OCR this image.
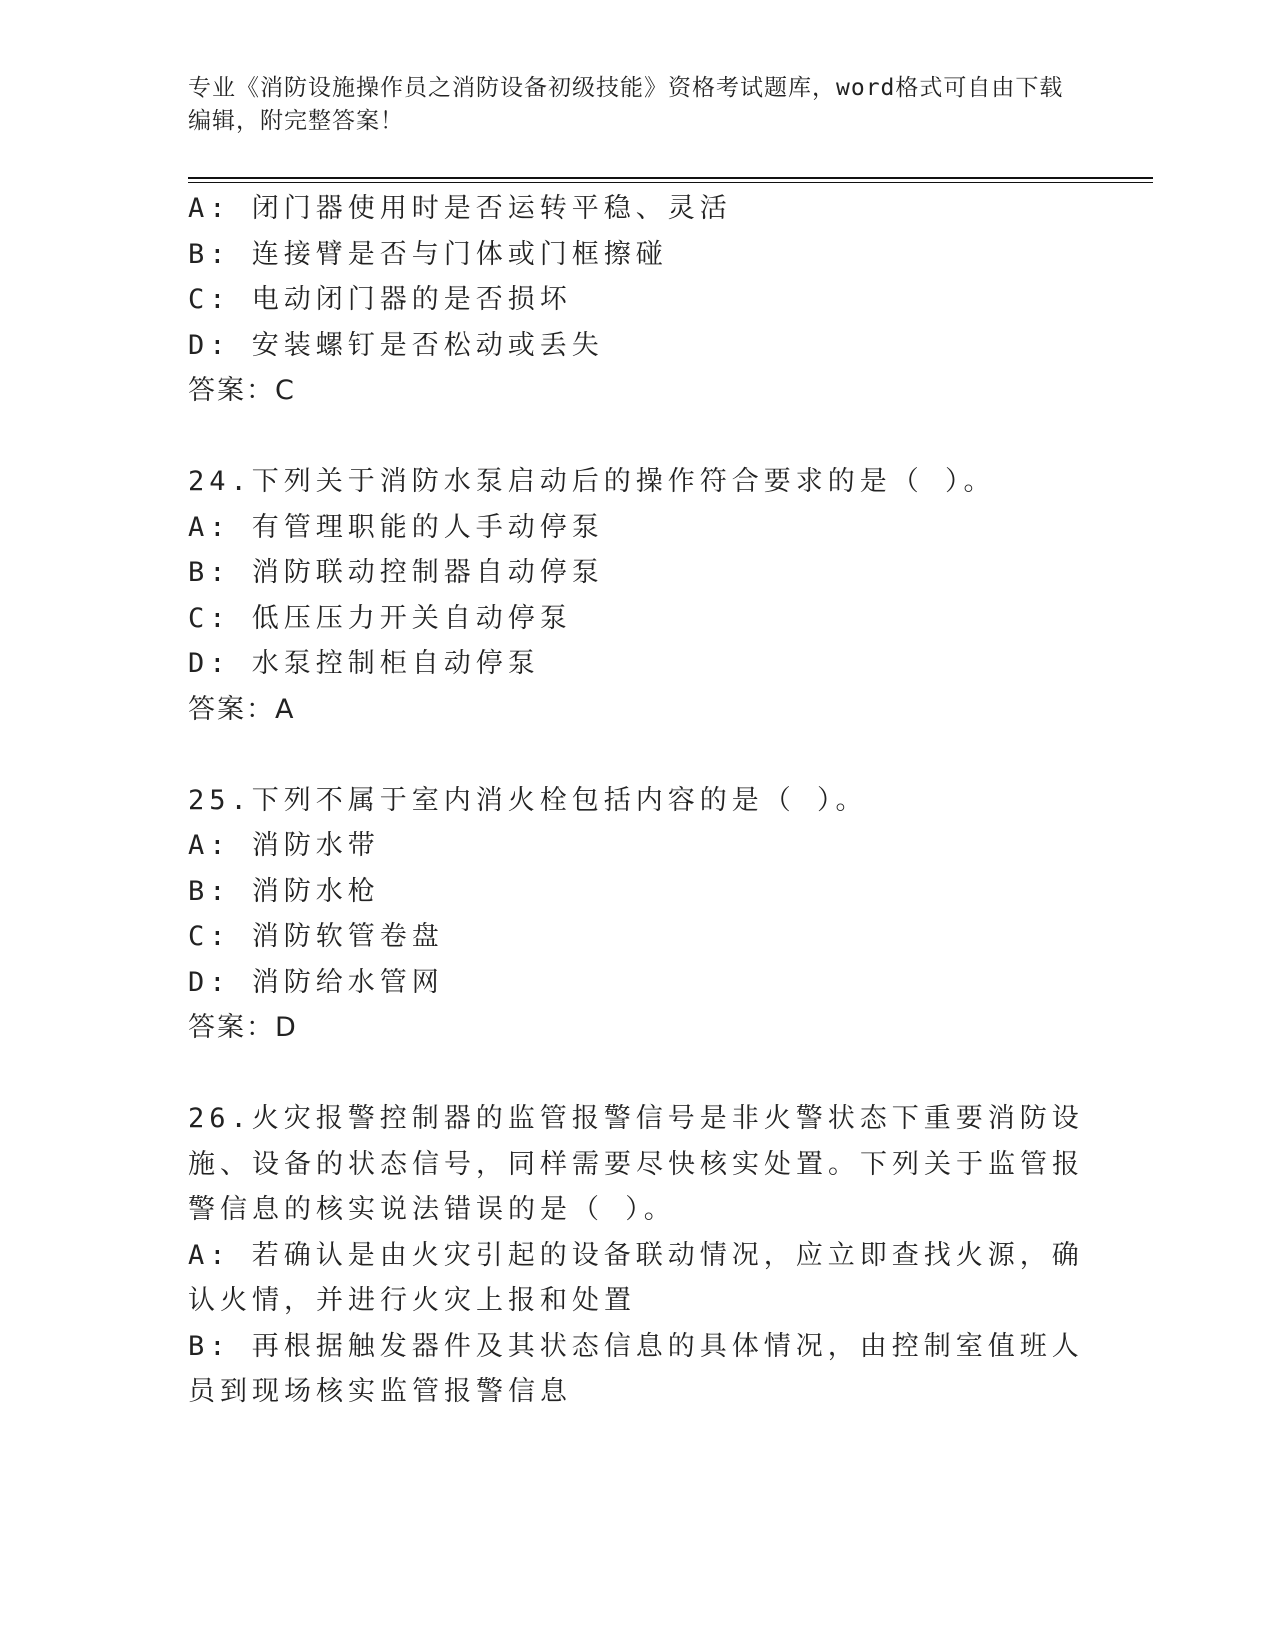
专业《消防设施操作员之消防设备初级技能》资格考试题库，word格式可自由下载编辑，附完整答案！
A: 闭门器使用时是否运转平稳、灵活
B: 连接臂是否与门体或门框擦碰
C: 电动闭门器的是否损坏
D: 安装螺钉是否松动或丢失
答案：C
24.下列关于消防水泵启动后的操作符合要求的是（ ）。
A: 有管理职能的人手动停泵
B: 消防联动控制器自动停泵
C: 低压压力开关自动停泵
D: 水泵控制柜自动停泵
答案：A
25.下列不属于室内消火栓包括内容的是（ ）。
A: 消防水带
B: 消防水枪
C: 消防软管卷盘
D: 消防给水管网
答案：D
26.火灾报警控制器的监管报警信号是非火警状态下重要消防设施、设备的状态信号，同样需要尽快核实处置。下列关于监管报警信息的核实说法错误的是（ ）。
A: 若确认是由火灾引起的设备联动情况，应立即查找火源，确认火情，并进行火灾上报和处置
B: 再根据触发器件及其状态信息的具体情况，由控制室值班人员到现场核实监管报警信息
